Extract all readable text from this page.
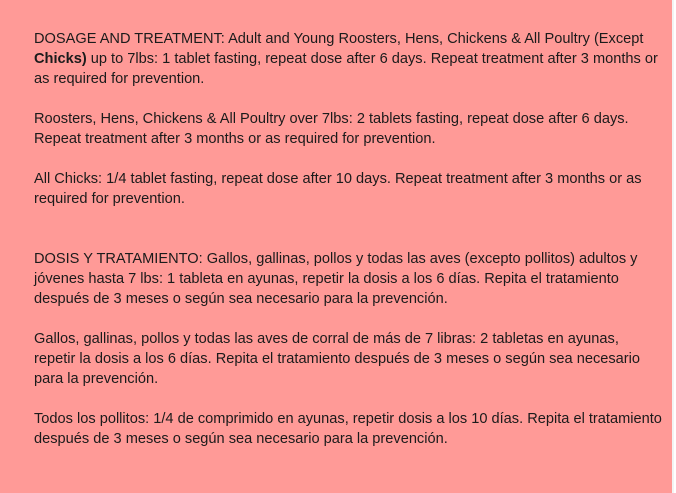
DOSAGE AND TREATMENT: Adult and Young Roosters, Hens, Chickens & All Poultry (Except Chicks) up to 7lbs: 1 tablet fasting, repeat dose after 6 days. Repeat treatment after 3 months or as required for prevention.

Roosters, Hens, Chickens & All Poultry over 7lbs: 2 tablets fasting, repeat dose after 6 days. Repeat treatment after 3 months or as required for prevention.

All Chicks: 1/4 tablet fasting, repeat dose after 10 days. Repeat treatment after 3 months or as required for prevention.

DOSIS Y TRATAMIENTO: Gallos, gallinas, pollos y todas las aves (excepto pollitos) adultos y jóvenes hasta 7 lbs: 1 tableta en ayunas, repetir la dosis a los 6 días. Repita el tratamiento después de 3 meses o según sea necesario para la prevención.

Gallos, gallinas, pollos y todas las aves de corral de más de 7 libras: 2 tabletas en ayunas, repetir la dosis a los 6 días. Repita el tratamiento después de 3 meses o según sea necesario para la prevención.

Todos los pollitos: 1/4 de comprimido en ayunas, repetir dosis a los 10 días. Repita el tratamiento después de 3 meses o según sea necesario para la prevención.
